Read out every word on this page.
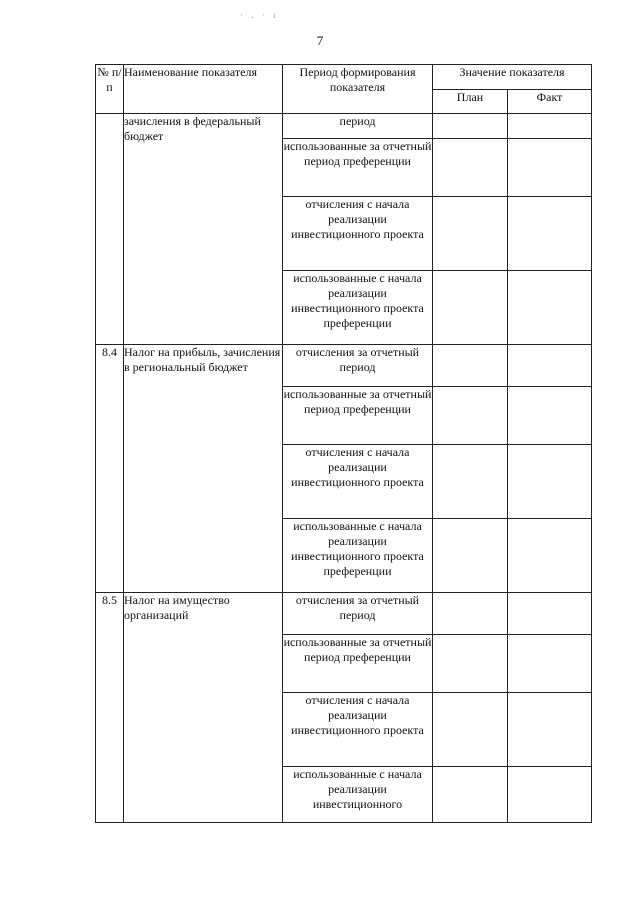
7
· . · ı
№ п/п	Наименование показателя	Период формирования показателя	Значение показателя	
			План	Факт
	зачисления в федеральный бюджет	период		
		использованные за отчетный период преференции		
		отчисления с начала реализации инвестиционного проекта		
		использованные с начала реализации инвестиционного проекта преференции		
8.4	Налог на прибыль, зачисления в региональный бюджет	отчисления за отчетный период		
		использованные за отчетный период преференции		
		отчисления с начала реализации инвестиционного проекта		
		использованные с начала реализации инвестиционного проекта преференции		
8.5	Налог на имущество организаций	отчисления за отчетный период		
		использованные за отчетный период преференции		
		отчисления с начала реализации инвестиционного проекта		
		использованные с начала реализации инвестиционного		
